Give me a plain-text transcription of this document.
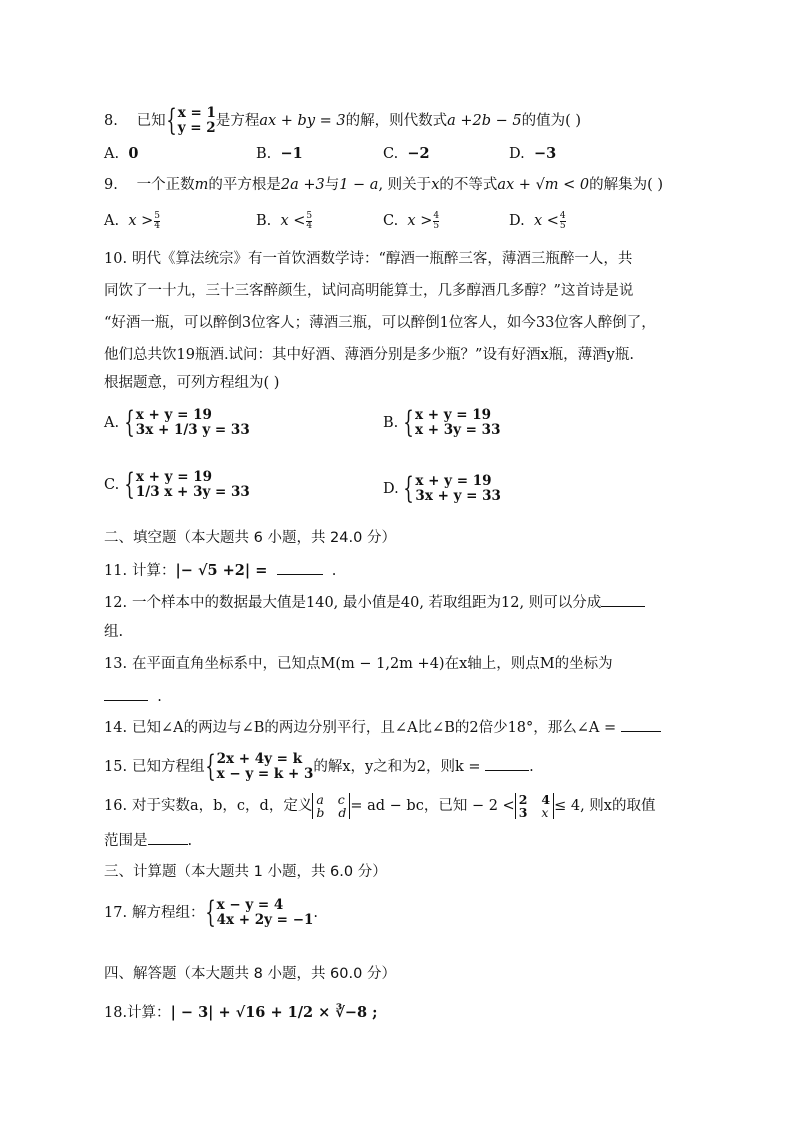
8. 已知 { x = 1
y = 2 是方程ax + by = 3的解，则代数式a +2b − 5的值为( )
A. 0	B. −1	C. −2	D. −3
9. 一个正数m的平方根是2a +3与1 − a, 则关于x的不等式ax + √m < 0的解集为( )
A. $x > \frac{5}{4}$	B. $x < \frac{5}{4}$	C. $x > \frac{4}{5}$	D. $x < \frac{4}{5}$
10. 明代《算法统宗》有一首饮酒数学诗：“醇酒一瓶醉三客，薄酒三瓶醉一人，共
同饮了一十九，三十三客醉颜生，试问高明能算士，几多醇酒几多醇？”这首诗是说
“好酒一瓶，可以醉倒3位客人；薄酒三瓶，可以醉倒1位客人，如今33位客人醉倒了，
他们总共饮19瓶酒.试问：其中好酒、薄酒分别是多少瓶？”设有好酒x瓶，薄酒y瓶.
根据题意，可列方程组为( )
A. { x + y = 19
3x + 1/3 y = 33	B. { x + y = 19
x + 3y = 33
C. { x + y = 19
1/3 x + 3y = 33	D. { x + y = 19
3x + y = 33
二、填空题（本大题共 6 小题，共 24.0 分）
11. 计算：|− √5 +2| =	.
12. 一个样本中的数据最大值是140, 最小值是40, 若取组距为12, 则可以分成
组.
13. 在平面直角坐标系中，已知点M(m − 1,2m +4)在x轴上，则点M的坐标为
.
14. 已知∠A的两边与∠B的两边分别平行，且∠A比∠B的2倍少18°，那么∠A =
15. 已知方程组 { 2x + 4y = k
x − y = k + 3 的解x，y之和为2，则k =	.
16. 对于实数a，b，c，d，定义 a c
b d = ad − bc，已知 − 2 < 2 4
3 x ≤ 4, 则x的取值
范围是	.
三、计算题（本大题共 1 小题，共 6.0 分）
17. 解方程组： { x − y = 4
4x + 2y = −1 .
四、解答题（本大题共 8 小题，共 60.0 分）
18.计算：| − 3| + √16 + 1/2 × ∛−8 ;
